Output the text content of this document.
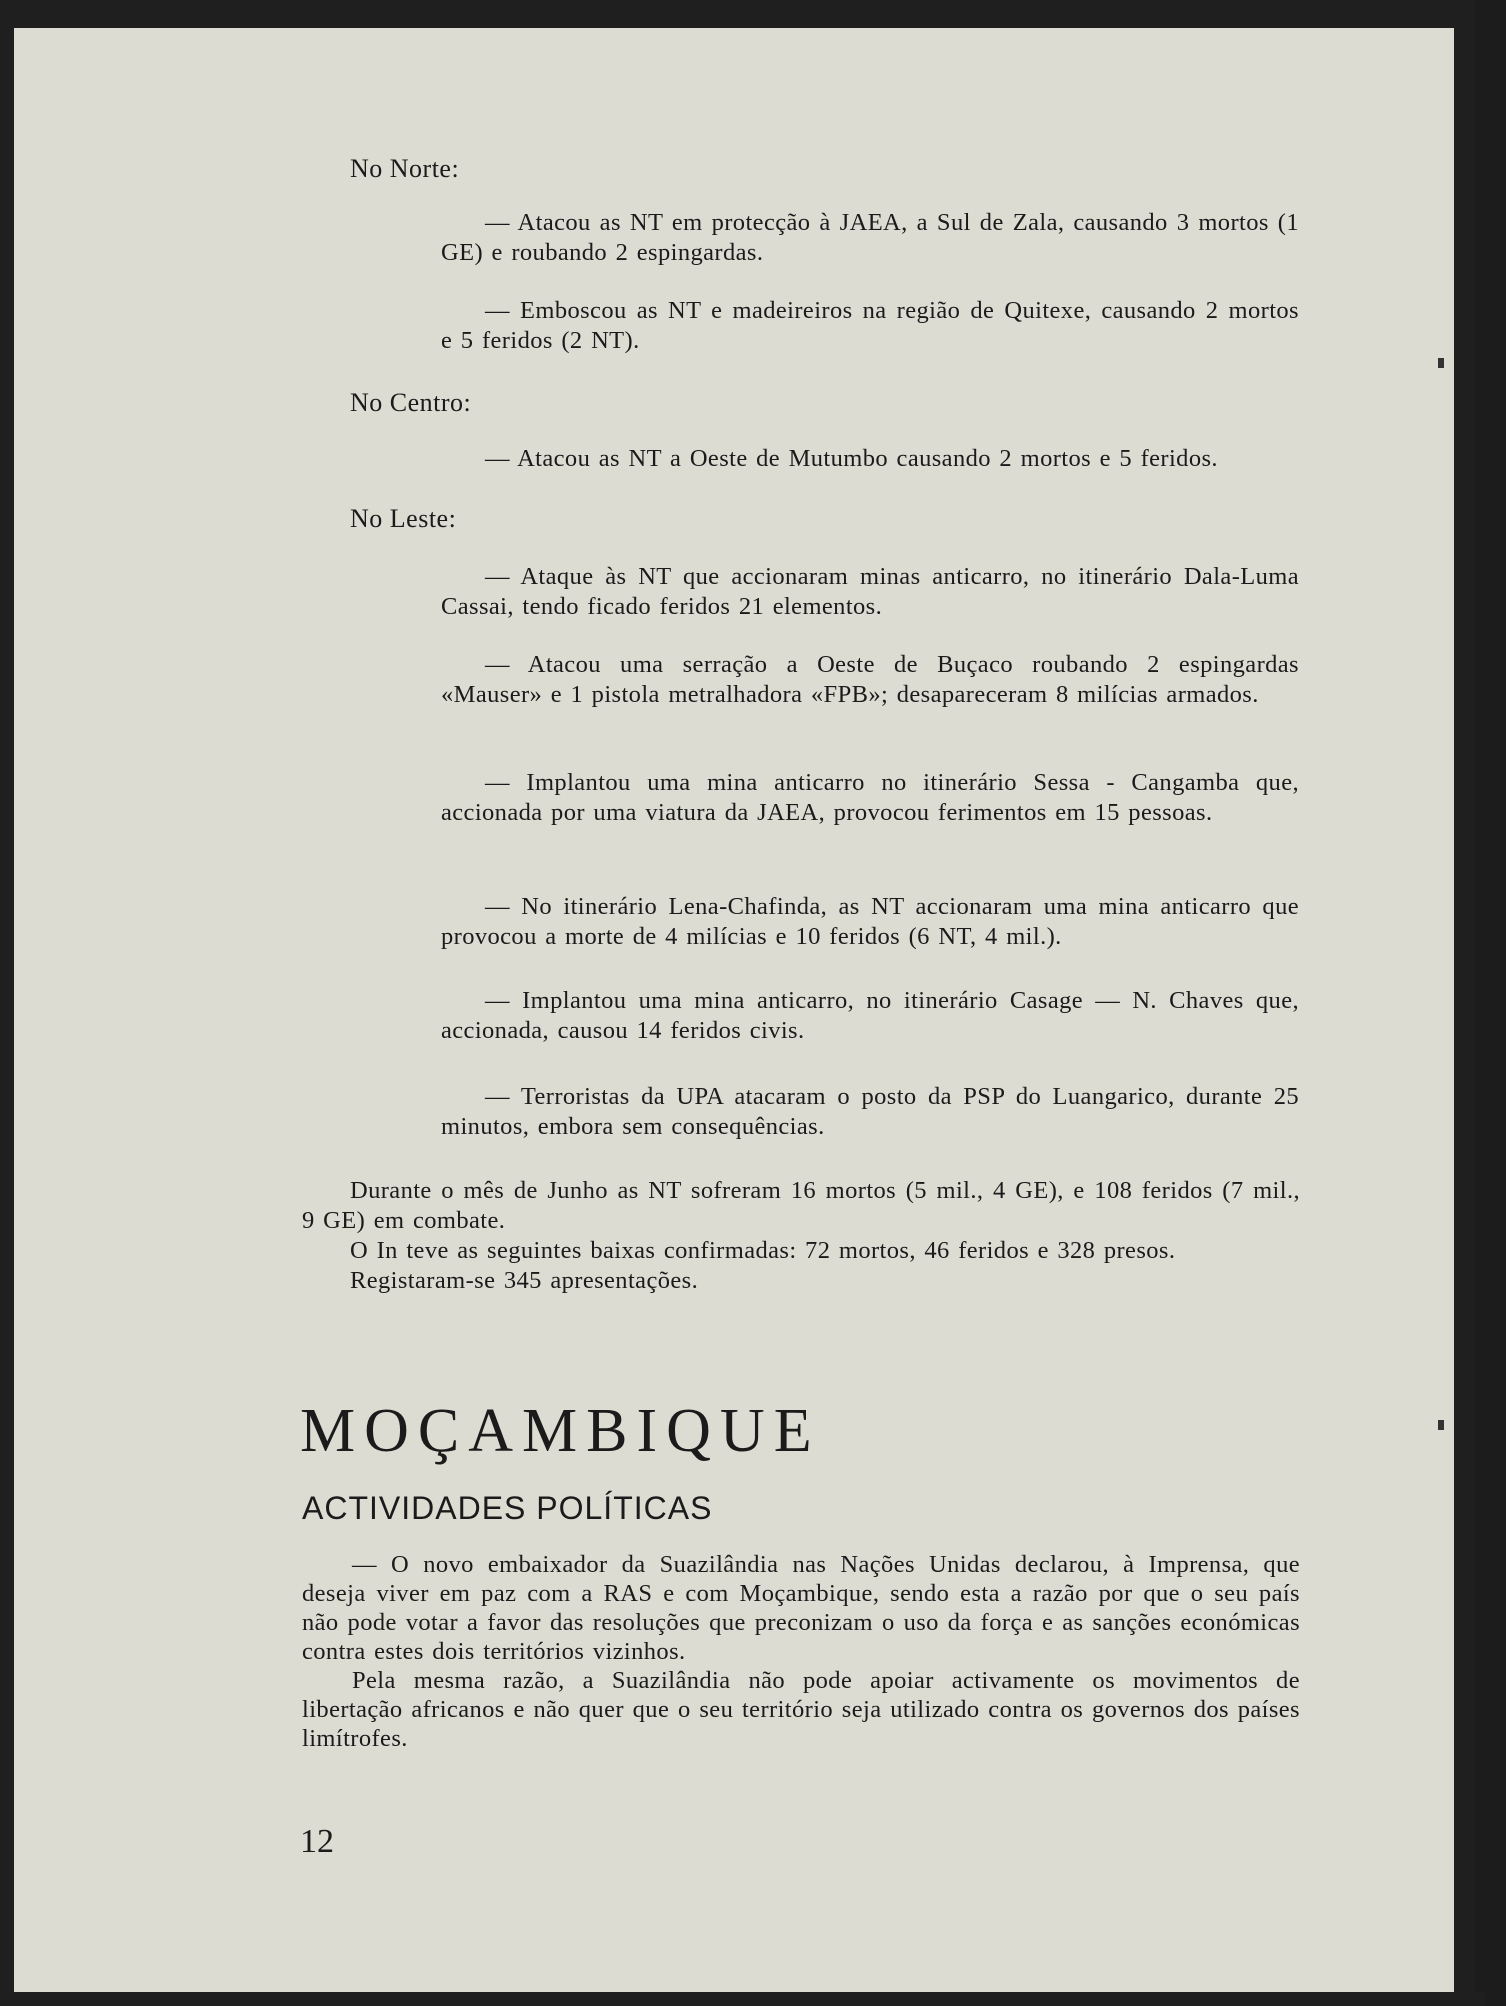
No Norte:
— Atacou as NT em protecção à JAEA, a Sul de Zala, causando 3 mortos (1 GE) e roubando 2 espingardas.
— Emboscou as NT e madeireiros na região de Quitexe, causando 2 mortos e 5 feridos (2 NT).
No Centro:
— Atacou as NT a Oeste de Mutumbo causando 2 mortos e 5 feridos.
No Leste:
— Ataque às NT que accionaram minas anticarro, no itinerário Dala-Luma Cassai, tendo ficado feridos 21 elementos.
— Atacou uma serração a Oeste de Buçaco roubando 2 espingardas «Mauser» e 1 pistola metralhadora «FPB»; desapareceram 8 milícias armados.
— Implantou uma mina anticarro no itinerário Sessa - Cangamba que, accionada por uma viatura da JAEA, provocou ferimentos em 15 pessoas.
— No itinerário Lena-Chafinda, as NT accionaram uma mina anticarro que provocou a morte de 4 milícias e 10 feridos (6 NT, 4 mil.).
— Implantou uma mina anticarro, no itinerário Casage — N. Chaves que, accionada, causou 14 feridos civis.
— Terroristas da UPA atacaram o posto da PSP do Luangarico, durante 25 minutos, embora sem consequências.

Durante o mês de Junho as NT sofreram 16 mortos (5 mil., 4 GE), e 108 feridos (7 mil., 9 GE) em combate.

O In teve as seguintes baixas confirmadas: 72 mortos, 46 feridos e 328 presos.

Registaram-se 345 apresentações.

MOÇAMBIQUE
ACTIVIDADES POLÍTICAS

— O novo embaixador da Suazilândia nas Nações Unidas declarou, à Imprensa, que deseja viver em paz com a RAS e com Moçambique, sendo esta a razão por que o seu país não pode votar a favor das resoluções que preconizam o uso da força e as sanções económicas contra estes dois territórios vizinhos.

Pela mesma razão, a Suazilândia não pode apoiar activamente os movimentos de libertação africanos e não quer que o seu território seja utilizado contra os governos dos países limítrofes.

12
